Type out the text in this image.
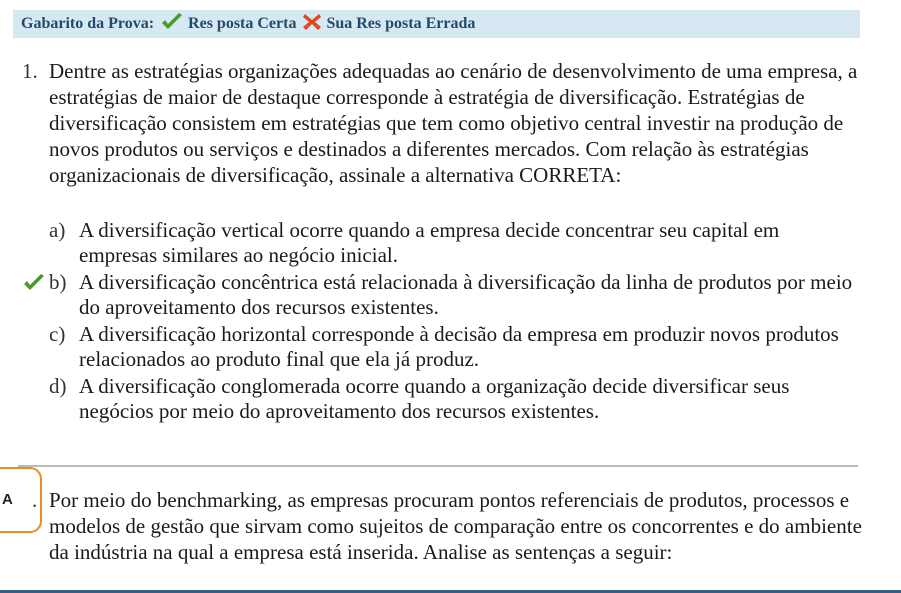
Gabarito da Prova: Res posta Certa Sua Res posta Errada
1. Dentre as estratégias organizações adequadas ao cenário de desenvolvimento de uma empresa, a estratégias de maior de destaque corresponde à estratégia de diversificação. Estratégias de diversificação consistem em estratégias que tem como objetivo central investir na produção de novos produtos ou serviços e destinados a diferentes mercados. Com relação às estratégias organizacionais de diversificação, assinale a alternativa CORRETA:
a) A diversificação vertical ocorre quando a empresa decide concentrar seu capital em empresas similares ao negócio inicial.
b) A diversificação concêntrica está relacionada à diversificação da linha de produtos por meio do aproveitamento dos recursos existentes.
c) A diversificação horizontal corresponde à decisão da empresa em produzir novos produtos relacionados ao produto final que ela já produz.
d) A diversificação conglomerada ocorre quando a organização decide diversificar seus negócios por meio do aproveitamento dos recursos existentes.
A . Por meio do benchmarking, as empresas procuram pontos referenciais de produtos, processos e modelos de gestão que sirvam como sujeitos de comparação entre os concorrentes e do ambiente da indústria na qual a empresa está inserida. Analise as sentenças a seguir:
